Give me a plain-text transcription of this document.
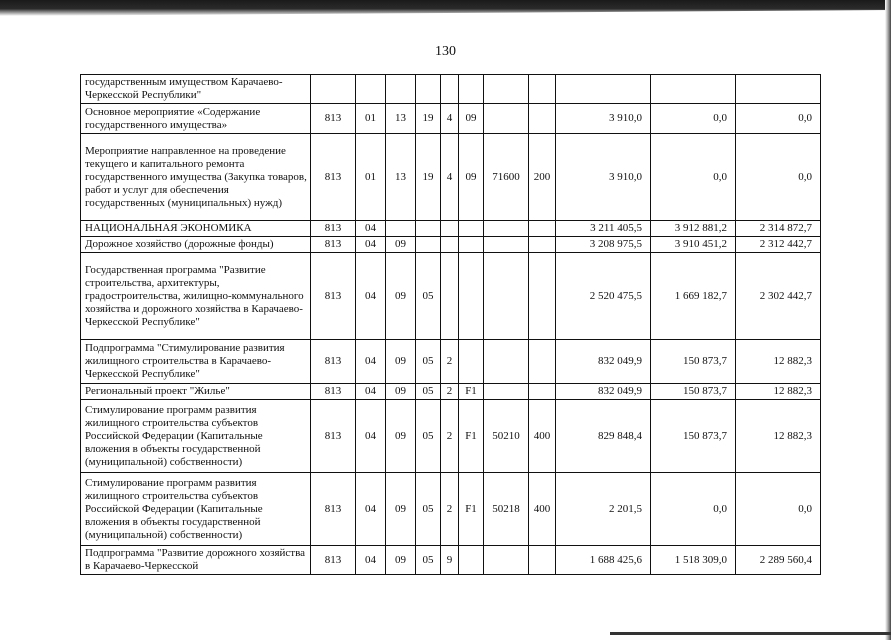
130
государственным имуществом Карачаево-Черкесской Республики"											
Основное мероприятие «Содержание государственного имущества»	813	01	13	19	4	09			3 910,0	0,0	0,0
Мероприятие направленное на проведение текущего и капитального ремонта государственного имущества (Закупка товаров, работ и услуг для обеспечения государственных (муниципальных) нужд)	813	01	13	19	4	09	71600	200	3 910,0	0,0	0,0
НАЦИОНАЛЬНАЯ ЭКОНОМИКА	813	04							3 211 405,5	3 912 881,2	2 314 872,7
Дорожное хозяйство (дорожные фонды)	813	04	09						3 208 975,5	3 910 451,2	2 312 442,7
Государственная программа "Развитие строительства, архитектуры, градостроительства, жилищно-коммунального хозяйства и дорожного хозяйства в Карачаево-Черкесской Республике"	813	04	09	05					2 520 475,5	1 669 182,7	2 302 442,7
Подпрограмма "Стимулирование развития жилищного строительства в Карачаево-Черкесской Республике"	813	04	09	05	2				832 049,9	150 873,7	12 882,3
Региональный проект "Жилье"	813	04	09	05	2	F1			832 049,9	150 873,7	12 882,3
Стимулирование программ развития жилищного строительства субъектов Российской Федерации (Капитальные вложения в объекты государственной (муниципальной) собственности)	813	04	09	05	2	F1	50210	400	829 848,4	150 873,7	12 882,3
Стимулирование программ развития жилищного строительства субъектов Российской Федерации (Капитальные вложения в объекты государственной (муниципальной) собственности)	813	04	09	05	2	F1	50218	400	2 201,5	0,0	0,0
Подпрограмма "Развитие дорожного хозяйства в Карачаево-Черкесской	813	04	09	05	9				1 688 425,6	1 518 309,0	2 289 560,4
